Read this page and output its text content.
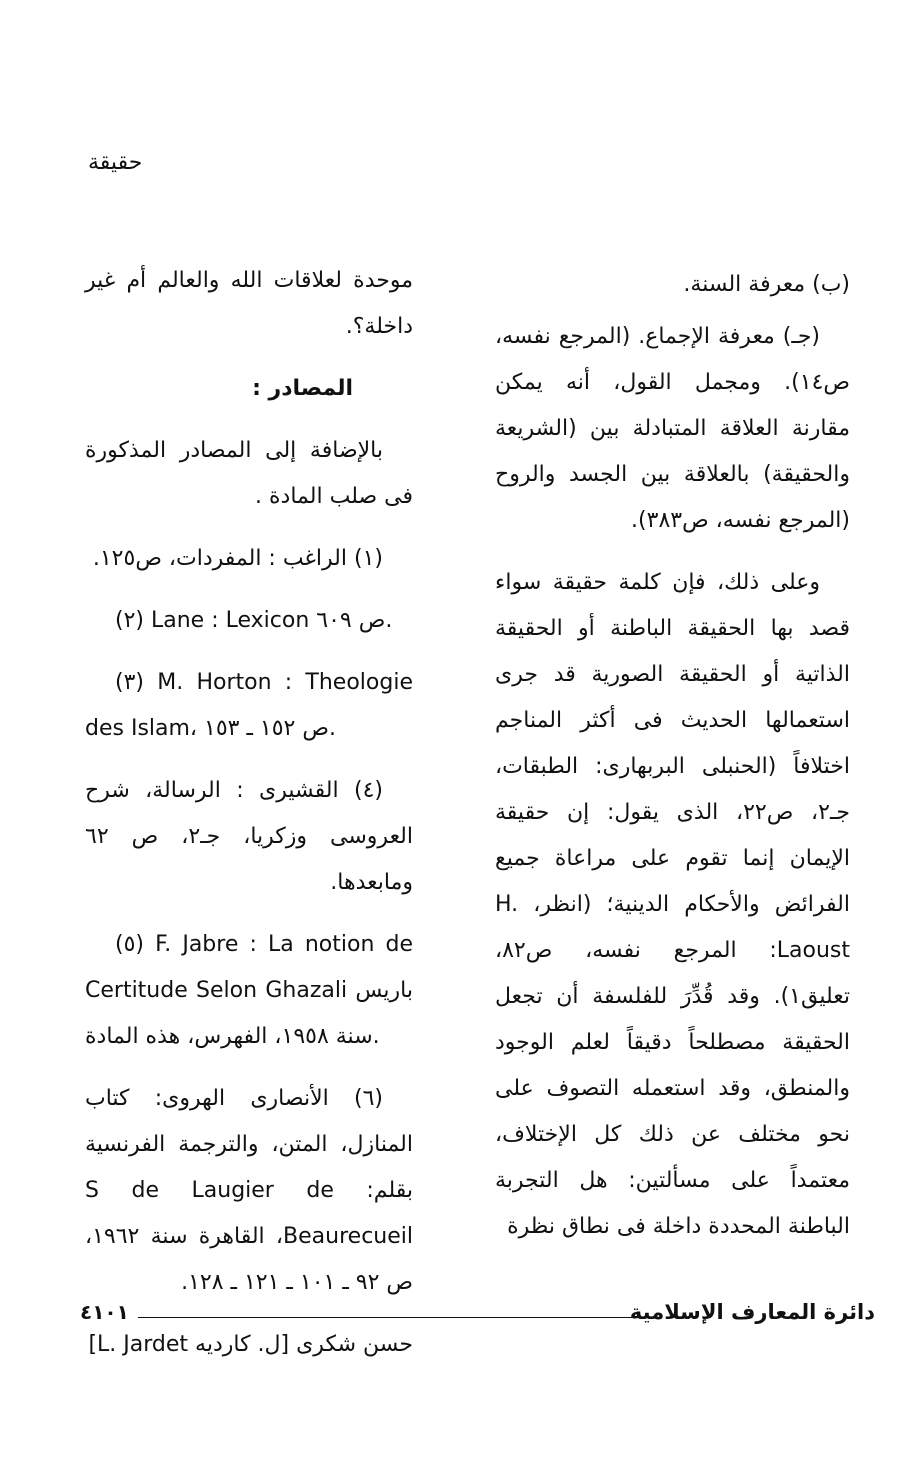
حقيقة

(ب) معرفة السنة.

(جـ) معرفة الإجماع. (المرجع نفسه، ص١٤). ومجمل القول، أنه يمكن مقارنة العلاقة المتبادلة بين (الشريعة والحقيقة) بالعلاقة بين الجسد والروح (المرجع نفسه، ص٣٨٣).

وعلى ذلك، فإن كلمة حقيقة سواء قصد بها الحقيقة الباطنة أو الحقيقة الذاتية أو الحقيقة الصورية قد جرى استعمالها الحديث فى أكثر المناجم اختلافاً (الحنبلى البربهارى: الطبقات، جـ٢، ص٢٢، الذى يقول: إن حقيقة الإيمان إنما تقوم على مراعاة جميع الفرائض والأحكام الدينية؛ (انظر، H. Laoust: المرجع نفسه، ص٨٢، تعليق١). وقد قُدِّرَ للفلسفة أن تجعل الحقيقة مصطلحاً دقيقاً لعلم الوجود والمنطق، وقد استعمله التصوف على نحو مختلف عن ذلك كل الإختلاف، معتمداً على مسألتين: هل التجربة الباطنة المحددة داخلة فى نطاق نظرة

موحدة لعلاقات الله والعالم أم غير داخلة؟.

المصادر :

بالإضافة إلى المصادر المذكورة فى صلب المادة .

(١) الراغب : المفردات، ص١٢٥.

(٢) Lane : Lexicon ص ٦٠٩.

(٣) M. Horton : Theologie des Islam، ص ١٥٢ ـ ١٥٣.

(٤) القشيرى : الرسالة، شرح العروسى وزكريا، جـ٢، ص ٦٢ ومابعدها.

(٥) F. Jabre : La notion de Certitude Selon Ghazali باريس سنة ١٩٥٨، الفهرس، هذه المادة.

(٦) الأنصارى الهروى: كتاب المنازل، المتن، والترجمة الفرنسية بقلم: S de Laugier de Beaurecueil، القاهرة سنة ١٩٦٢، ص ٩٢ ـ ١٠١ ـ ١٢١ ـ ١٢٨.

حسن شكرى [ل. كارديه L. Jardet]

دائرة المعارف الإسلامية
٤١٠١
